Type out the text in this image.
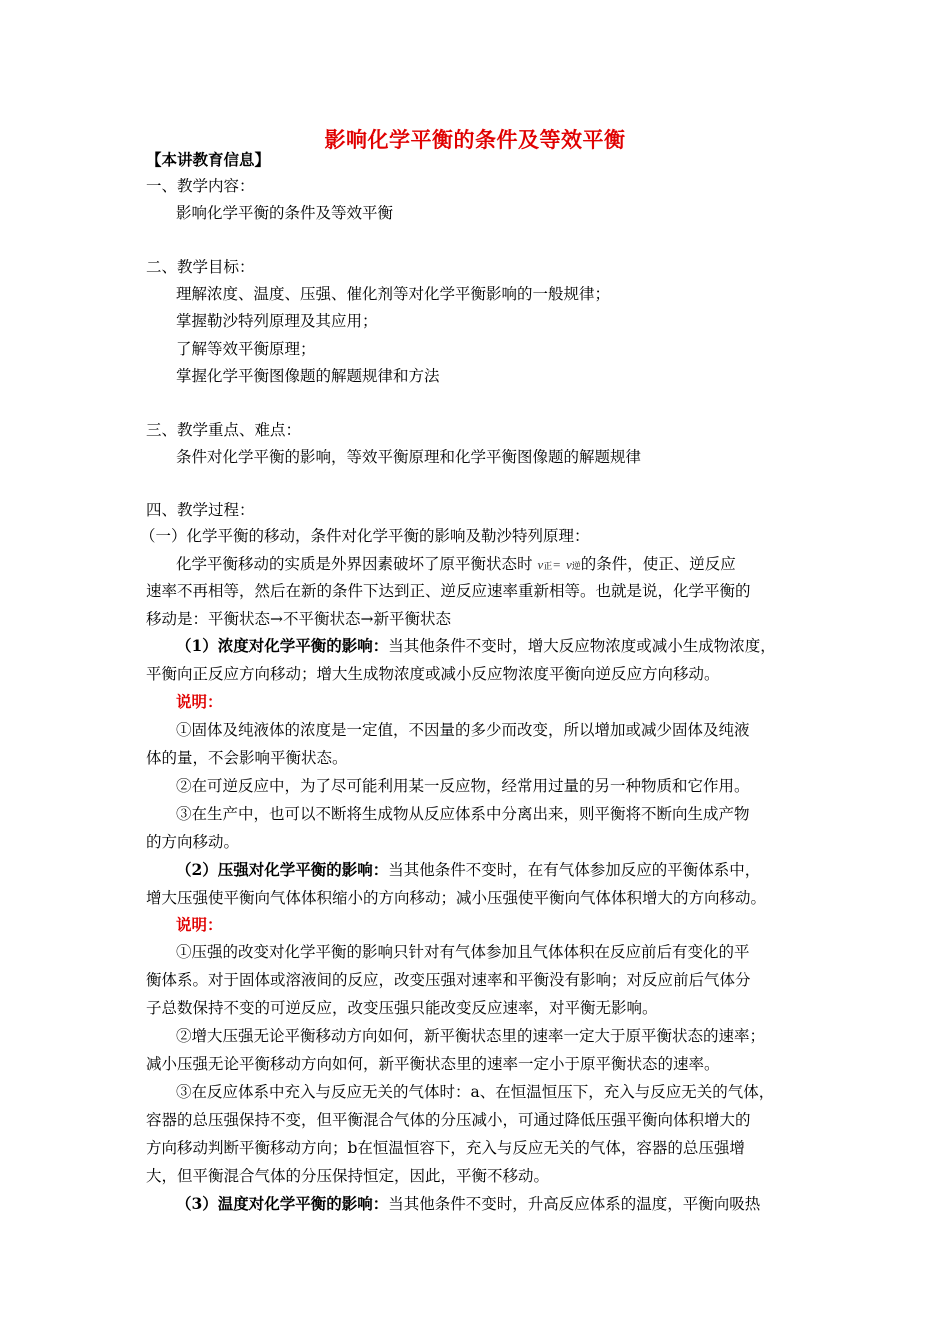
影响化学平衡的条件及等效平衡
【本讲教育信息】
一、教学内容：
影响化学平衡的条件及等效平衡
二、教学目标：
理解浓度、温度、压强、催化剂等对化学平衡影响的一般规律；
掌握勒沙特列原理及其应用；
了解等效平衡原理；
掌握化学平衡图像题的解题规律和方法
三、教学重点、难点：
条件对化学平衡的影响，等效平衡原理和化学平衡图像题的解题规律
四、教学过程：
（一）化学平衡的移动，条件对化学平衡的影响及勒沙特列原理：
化学平衡移动的实质是外界因素破坏了原平衡状态时 v正= v逆的条件，使正、逆反应
速率不再相等，然后在新的条件下达到正、逆反应速率重新相等。也就是说，化学平衡的
移动是：平衡状态→不平衡状态→新平衡状态
（1）浓度对化学平衡的影响：当其他条件不变时，增大反应物浓度或减小生成物浓度，
平衡向正反应方向移动；增大生成物浓度或减小反应物浓度平衡向逆反应方向移动。
说明：
①固体及纯液体的浓度是一定值，不因量的多少而改变，所以增加或减少固体及纯液
体的量，不会影响平衡状态。
②在可逆反应中，为了尽可能利用某一反应物，经常用过量的另一种物质和它作用。
③在生产中，也可以不断将生成物从反应体系中分离出来，则平衡将不断向生成产物
的方向移动。
（2）压强对化学平衡的影响：当其他条件不变时，在有气体参加反应的平衡体系中，
增大压强使平衡向气体体积缩小的方向移动；减小压强使平衡向气体体积增大的方向移动。
说明：
①压强的改变对化学平衡的影响只针对有气体参加且气体体积在反应前后有变化的平
衡体系。对于固体或溶液间的反应，改变压强对速率和平衡没有影响；对反应前后气体分
子总数保持不变的可逆反应，改变压强只能改变反应速率，对平衡无影响。
②增大压强无论平衡移动方向如何，新平衡状态里的速率一定大于原平衡状态的速率；
减小压强无论平衡移动方向如何，新平衡状态里的速率一定小于原平衡状态的速率。
③在反应体系中充入与反应无关的气体时：a、在恒温恒压下，充入与反应无关的气体，
容器的总压强保持不变，但平衡混合气体的分压减小，可通过降低压强平衡向体积增大的
方向移动判断平衡移动方向；b在恒温恒容下，充入与反应无关的气体，容器的总压强增
大，但平衡混合气体的分压保持恒定，因此，平衡不移动。
（3）温度对化学平衡的影响：当其他条件不变时，升高反应体系的温度，平衡向吸热
